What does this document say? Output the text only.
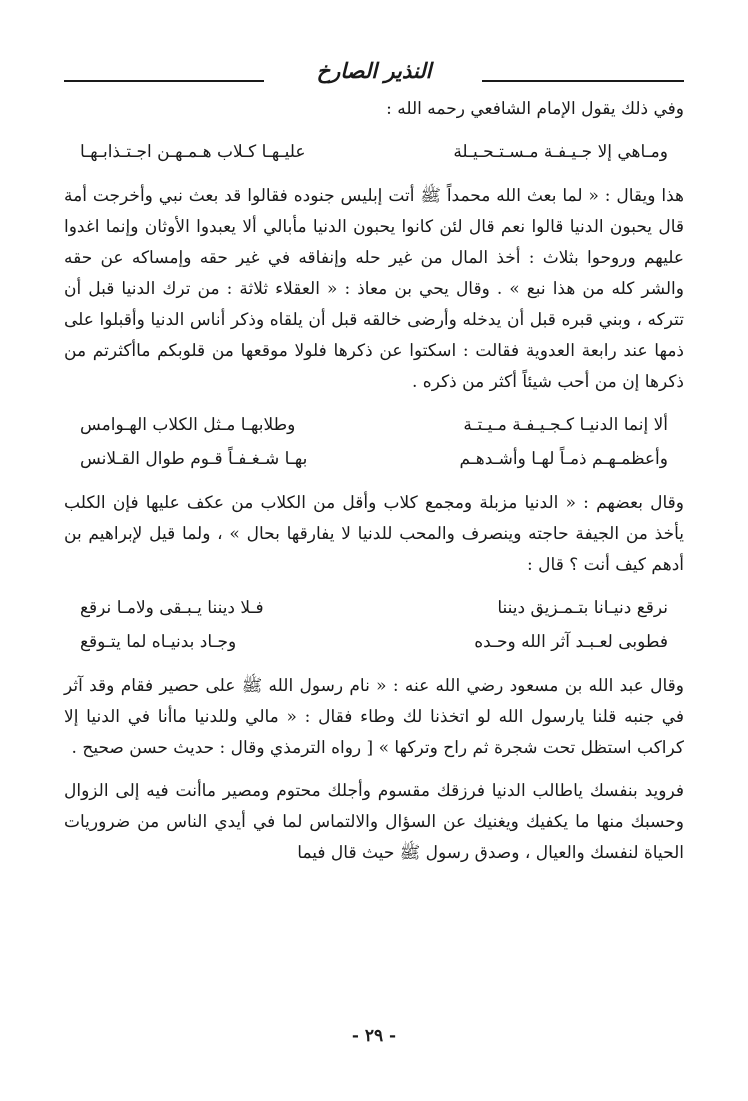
النذير الصارخ

وفي ذلك يقول الإمام الشافعي رحمه الله :

ومـاهي إلا جـيـفـة مـسـتـحـيـلة
عليـهـا كـلاب هـمـهـن اجـتـذابـهـا

هذا ويقال : « لما بعث الله محمداً ﷺ أتت إبليس جنوده فقالوا قد بعث نبي وأخرجت أمة قال يحبون الدنيا قالوا نعم قال لئن كانوا يحبون الدنيا مأبالي ألا يعبدوا الأوثان وإنما اغدوا عليهم وروحوا بثلاث : أخذ المال من غير حله وإنفاقه في غير حقه وإمساكه عن حقه والشر كله من هذا نبع » . وقال يحي بن معاذ : « العقلاء ثلاثة : من ترك الدنيا قبل أن تتركه ، وبني قبره قبل أن يدخله وأرضى خالقه قبل أن يلقاه وذكر أناس الدنيا وأقبلوا على ذمها عند رابعة العدوية فقالت : اسكتوا عن ذكرها فلولا موقعها من قلوبكم ماأكثرتم من ذكرها إن من أحب شيئاً أكثر من ذكره .

ألا إنما الدنيـا كـجـيـفـة مـيـتـة
وطلابهـا مـثل الكلاب الهـوامس
وأعظمـهـم ذمـاً لهـا وأشـدهـم
بهـا شـغـفـاً قـوم طوال القـلانس

وقال بعضهم : « الدنيا مزبلة ومجمع كلاب وأقل من الكلاب من عكف عليها فإن الكلب يأخذ من الجيفة حاجته وينصرف والمحب للدنيا لا يفارقها بحال » ، ولما قيل لإبراهيم بن أدهم كيف أنت ؟ قال :

نرقع دنيـانا بتـمـزيق ديننا
فـلا ديننا يـبـقى ولامـا نرقع
فطوبى لعـبـد آثر الله وحـده
وجـاد بدنيـاه لما يتـوقع

وقال عبد الله بن مسعود رضي الله عنه : « نام رسول الله ﷺ على حصير فقام وقد آثر في جنبه قلنا يارسول الله لو اتخذنا لك وطاء فقال : « مالي وللدنيا ماأنا في الدنيا إلا كراكب استظل تحت شجرة ثم راح وتركها » [ رواه الترمذي وقال : حديث حسن صحيح .

فرويد بنفسك ياطالب الدنيا فرزقك مقسوم وأجلك محتوم ومصير ماأنت فيه إلى الزوال وحسبك منها ما يكفيك ويغنيك عن السؤال والالتماس لما في أيدي الناس من ضروريات الحياة لنفسك والعيال ، وصدق رسول ﷺ حيث قال فيما

- ٢٩ -
